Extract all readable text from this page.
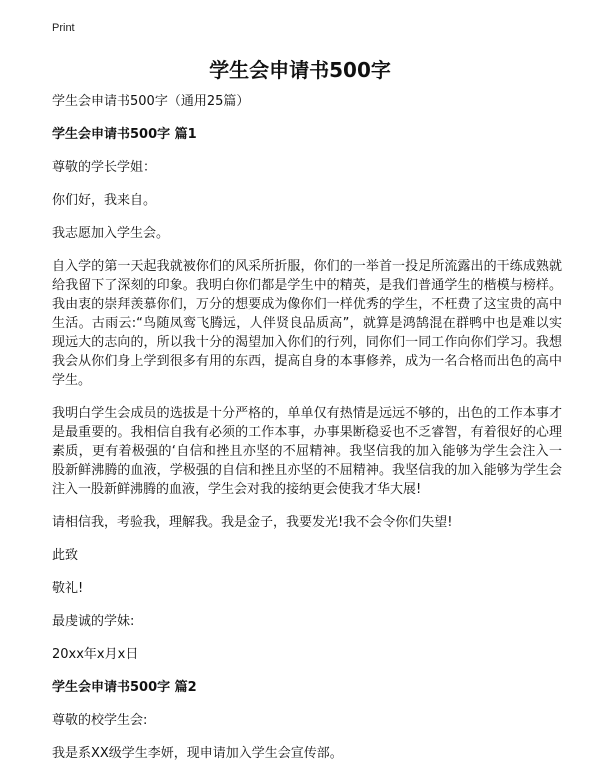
Print
学生会申请书500字

学生会申请书500字（通用25篇）

学生会申请书500字 篇1

尊敬的学长学姐：

你们好，我来自。

我志愿加入学生会。

自入学的第一天起我就被你们的风采所折服，你们的一举首一投足所流露出的干练成熟就给我留下了深刻的印象。我明白你们都是学生中的精英，是我们普通学生的楷模与榜样。我由衷的崇拜羡慕你们，万分的想要成为像你们一样优秀的学生，不枉费了这宝贵的高中生活。古雨云:“鸟随凤鸾飞腾远，人伴贤良品质高”，就算是鸿鹄混在群鸭中也是难以实现远大的志向的，所以我十分的渴望加入你们的行列，同你们一同工作向你们学习。我想我会从你们身上学到很多有用的东西，提高自身的本事修养，成为一名合格而出色的高中学生。

我明白学生会成员的选拔是十分严格的，单单仅有热情是远远不够的，出色的工作本事才是最重要的。我相信自我有必须的工作本事，办事果断稳妥也不乏睿智，有着很好的心理素质，更有着极强的‘自信和挫且亦坚的不屈精神。我坚信我的加入能够为学生会注入一股新鲜沸腾的血液，学极强的自信和挫且亦坚的不屈精神。我坚信我的加入能够为学生会注入一股新鲜沸腾的血液，学生会对我的接纳更会使我才华大展!

请相信我，考验我，理解我。我是金子，我要发光!我不会令你们失望!

此致

敬礼!

最虔诚的学妹:

20xx年x月x日

学生会申请书500字 篇2

尊敬的校学生会:

我是系XX级学生李妍，现申请加入学生会宣传部。
